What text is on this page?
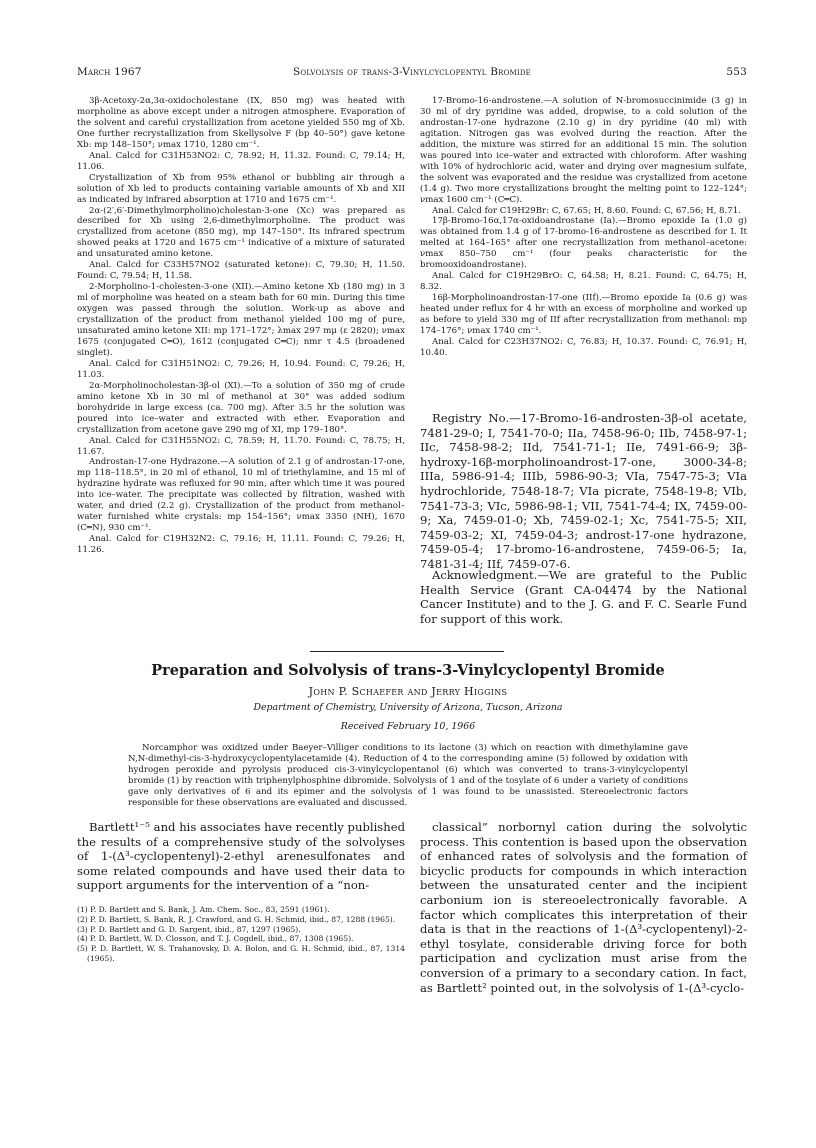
March 1967	Solvolysis of trans-3-Vinylcyclopentyl Bromide	553

3β-Acetoxy-2α,3α-oxidocholestane (IX, 850 mg) was heated with morpholine as above except under a nitrogen atmosphere. Evaporation of the solvent and careful crystallization from acetone yielded 550 mg of Xb. One further recrystallization from Skellysolve F (bp 40–50°) gave ketone Xb: mp 148–150°; νmax 1710, 1280 cm⁻¹.

Anal. Calcd for C31H53NO2: C, 78.92; H, 11.32. Found: C, 79.14; H, 11.06.

Crystallization of Xb from 95% ethanol or bubbling air through a solution of Xb led to products containing variable amounts of Xb and XII as indicated by infrared absorption at 1710 and 1675 cm⁻¹.

2α-(2′,6′-Dimethylmorpholino)cholestan-3-one (Xc) was prepared as described for Xb using 2,6-dimethylmorpholine. The product was crystallized from acetone (850 mg), mp 147–150°. Its infrared spectrum showed peaks at 1720 and 1675 cm⁻¹ indicative of a mixture of saturated and unsaturated amino ketone.

Anal. Calcd for C33H57NO2 (saturated ketone): C, 79.30; H, 11.50. Found: C, 79.54; H, 11.58.

2-Morpholino-1-cholesten-3-one (XII).—Amino ketone Xb (180 mg) in 3 ml of morpholine was heated on a steam bath for 60 min. During this time oxygen was passed through the solution. Work-up as above and crystallization of the product from methanol yielded 100 mg of pure, unsaturated amino ketone XII: mp 171–172°; λmax 297 mμ (ε 2820); νmax 1675 (conjugated C═O), 1612 (conjugated C═C); nmr τ 4.5 (broadened singlet).

Anal. Calcd for C31H51NO2: C, 79.26; H, 10.94. Found: C, 79.26; H, 11.03.

2α-Morpholinocholestan-3β-ol (XI).—To a solution of 350 mg of crude amino ketone Xb in 30 ml of methanol at 30° was added sodium borohydride in large excess (ca. 700 mg). After 3.5 hr the solution was poured into ice–water and extracted with ether. Evaporation and crystallization from acetone gave 290 mg of XI, mp 179–180°.

Anal. Calcd for C31H55NO2: C, 78.59; H, 11.70. Found: C, 78.75; H, 11.67.

Androstan-17-one Hydrazone.—A solution of 2.1 g of androstan-17-one, mp 118–118.5°, in 20 ml of ethanol, 10 ml of triethylamine, and 15 ml of hydrazine hydrate was refluxed for 90 min, after which time it was poured into ice–water. The precipitate was collected by filtration, washed with water, and dried (2.2 g). Crystallization of the product from methanol–water furnished white crystals: mp 154–156°; νmax 3350 (NH), 1670 (C═N), 930 cm⁻¹.

Anal. Calcd for C19H32N2: C, 79.16; H, 11.11. Found: C, 79.26; H, 11.26.

17-Bromo-16-androstene.—A solution of N-bromosuccinimide (3 g) in 30 ml of dry pyridine was added, dropwise, to a cold solution of the androstan-17-one hydrazone (2.10 g) in dry pyridine (40 ml) with agitation. Nitrogen gas was evolved during the reaction. After the addition, the mixture was stirred for an additional 15 min. The solution was poured into ice–water and extracted with chloroform. After washing with 10% of hydrochloric acid, water and drying over magnesium sulfate, the solvent was evaporated and the residue was crystallized from acetone (1.4 g). Two more crystallizations brought the melting point to 122–124°; νmax 1600 cm⁻¹ (C═C).

Anal. Calcd for C19H29Br: C, 67.65; H, 8.60. Found: C, 67.56; H, 8.71.

17β-Bromo-16α,17α-oxidoandrostane (Ia).—Bromo epoxide Ia (1.0 g) was obtained from 1.4 g of 17-bromo-16-androstene as described for I. It melted at 164–165° after one recrystallization from methanol–acetone: νmax 850–750 cm⁻¹ (four peaks characteristic for the bromooxidoandrostane).

Anal. Calcd for C19H29BrO: C, 64.58; H, 8.21. Found: C, 64.75; H, 8.32.

16β-Morpholinoandrostan-17-one (IIf).—Bromo epoxide Ia (0.6 g) was heated under reflux for 4 hr with an excess of morpholine and worked up as before to yield 330 mg of IIf after recrystallization from methanol: mp 174–176°; νmax 1740 cm⁻¹.

Anal. Calcd for C23H37NO2: C, 76.83; H, 10.37. Found: C, 76.91; H, 10.40.

Registry No.—17-Bromo-16-androsten-3β-ol acetate, 7481-29-0; I, 7541-70-0; IIa, 7458-96-0; IIb, 7458-97-1; IIc, 7458-98-2; IId, 7541-71-1; IIe, 7491-66-9; 3β-hydroxy-16β-morpholinoandrost-17-one, 3000-34-8; IIIa, 5986-91-4; IIIb, 5986-90-3; VIa, 7547-75-3; VIa hydrochloride, 7548-18-7; VIa picrate, 7548-19-8; VIb, 7541-73-3; VIc, 5986-98-1; VII, 7541-74-4; IX, 7459-00-9; Xa, 7459-01-0; Xb, 7459-02-1; Xc, 7541-75-5; XII, 7459-03-2; XI, 7459-04-3; androst-17-one hydrazone, 7459-05-4; 17-bromo-16-androstene, 7459-06-5; Ia, 7481-31-4; IIf, 7459-07-6.

Acknowledgment.—We are grateful to the Public Health Service (Grant CA-04474 by the National Cancer Institute) and to the J. G. and F. C. Searle Fund for support of this work.

Preparation and Solvolysis of trans-3-Vinylcyclopentyl Bromide
John P. Schaefer and Jerry Higgins
Department of Chemistry, University of Arizona, Tucson, Arizona
Received February 10, 1966

Norcamphor was oxidized under Baeyer–Villiger conditions to its lactone (3) which on reaction with dimethylamine gave N,N-dimethyl-cis-3-hydroxycyclopentylacetamide (4). Reduction of 4 to the corresponding amine (5) followed by oxidation with hydrogen peroxide and pyrolysis produced cis-3-vinylcyclopentanol (6) which was converted to trans-3-vinylcyclopentyl bromide (1) by reaction with triphenylphosphine dibromide. Solvolysis of 1 and of the tosylate of 6 under a variety of conditions gave only derivatives of 6 and its epimer and the solvolysis of 1 was found to be unassisted. Stereoelectronic factors responsible for these observations are evaluated and discussed.

Bartlett¹⁻⁵ and his associates have recently published the results of a comprehensive study of the solvolyses of 1-(Δ³-cyclopentenyl)-2-ethyl arenesulfonates and some related compounds and have used their data to support arguments for the intervention of a “non-

classical” norbornyl cation during the solvolytic process. This contention is based upon the observation of enhanced rates of solvolysis and the formation of bicyclic products for compounds in which interaction between the unsaturated center and the incipient carbonium ion is stereoelectronically favorable. A factor which complicates this interpretation of their data is that in the reactions of 1-(Δ³-cyclopentenyl)-2-ethyl tosylate, considerable driving force for both participation and cyclization must arise from the conversion of a primary to a secondary cation. In fact, as Bartlett² pointed out, in the solvolysis of 1-(Δ³-cyclo-

(1) P. D. Bartlett and S. Bank, J. Am. Chem. Soc., 83, 2591 (1961).

(2) P. D. Bartlett, S. Bank, R. J. Crawford, and G. H. Schmid, ibid., 87, 1288 (1965).

(3) P. D. Bartlett and G. D. Sargent, ibid., 87, 1297 (1965).

(4) P. D. Bartlett, W. D. Closson, and T. J. Cogdell, ibid., 87, 1308 (1965).

(5) P. D. Bartlett, W. S. Trahanovsky, D. A. Bolon, and G. H. Schmid, ibid., 87, 1314 (1965).
